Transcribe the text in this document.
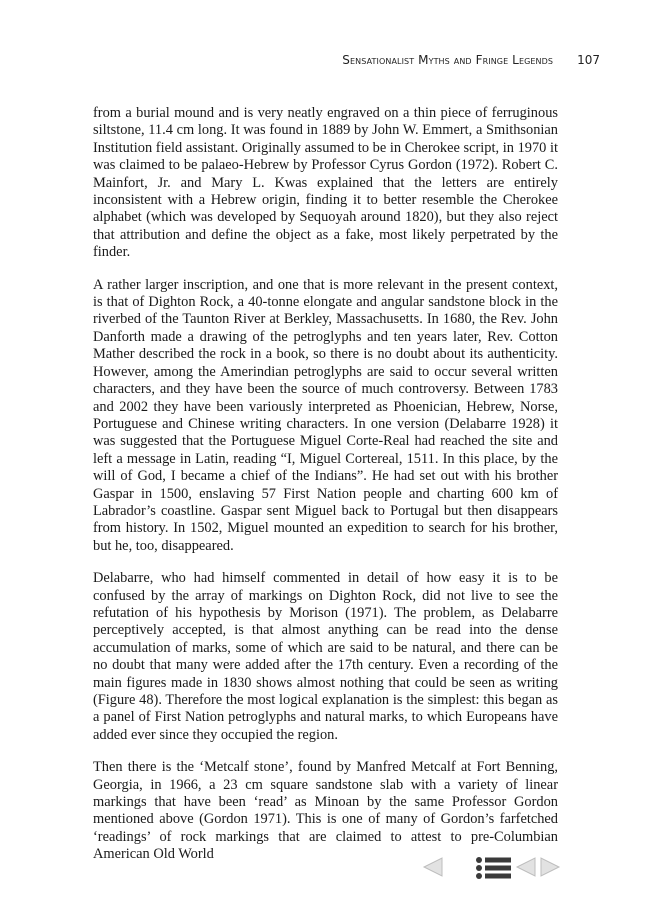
Sensationalist Myths and Fringe Legends 107

from a burial mound and is very neatly engraved on a thin piece of ferruginous siltstone, 11.4 cm long. It was found in 1889 by John W. Emmert, a Smithsonian Institution field assistant. Originally assumed to be in Cherokee script, in 1970 it was claimed to be palaeo-Hebrew by Professor Cyrus Gordon (1972). Robert C. Mainfort, Jr. and Mary L. Kwas explained that the letters are entirely inconsistent with a Hebrew origin, finding it to better resemble the Cherokee alphabet (which was developed by Sequoyah around 1820), but they also reject that attribution and define the object as a fake, most likely perpetrated by the finder.

A rather larger inscription, and one that is more relevant in the present context, is that of Dighton Rock, a 40-tonne elongate and angular sandstone block in the riverbed of the Taunton River at Berkley, Massachusetts. In 1680, the Rev. John Danforth made a drawing of the petroglyphs and ten years later, Rev. Cotton Mather described the rock in a book, so there is no doubt about its authenticity. However, among the Amerindian petroglyphs are said to occur several written characters, and they have been the source of much controversy. Between 1783 and 2002 they have been variously interpreted as Phoenician, Hebrew, Norse, Portuguese and Chinese writing characters. In one version (Delabarre 1928) it was suggested that the Portuguese Miguel Corte-Real had reached the site and left a message in Latin, reading “I, Miguel Cortereal, 1511. In this place, by the will of God, I became a chief of the Indians”. He had set out with his brother Gaspar in 1500, enslaving 57 First Nation people and charting 600 km of Labrador’s coastline. Gaspar sent Miguel back to Portugal but then disappears from history. In 1502, Miguel mounted an expedition to search for his brother, but he, too, disappeared.

Delabarre, who had himself commented in detail of how easy it is to be confused by the array of markings on Dighton Rock, did not live to see the refutation of his hypothesis by Morison (1971). The problem, as Delabarre perceptively accepted, is that almost anything can be read into the dense accumulation of marks, some of which are said to be natural, and there can be no doubt that many were added after the 17th century. Even a recording of the main figures made in 1830 shows almost nothing that could be seen as writing (Figure 48). Therefore the most logical explanation is the simplest: this began as a panel of First Nation petroglyphs and natural marks, to which Europeans have added ever since they occupied the region.

Then there is the ‘Metcalf stone’, found by Manfred Metcalf at Fort Benning, Georgia, in 1966, a 23 cm square sandstone slab with a variety of linear markings that have been ‘read’ as Minoan by the same Professor Gordon mentioned above (Gordon 1971). This is one of many of Gordon’s farfetched ‘readings’ of rock markings that are claimed to attest to pre-Columbian American Old World
